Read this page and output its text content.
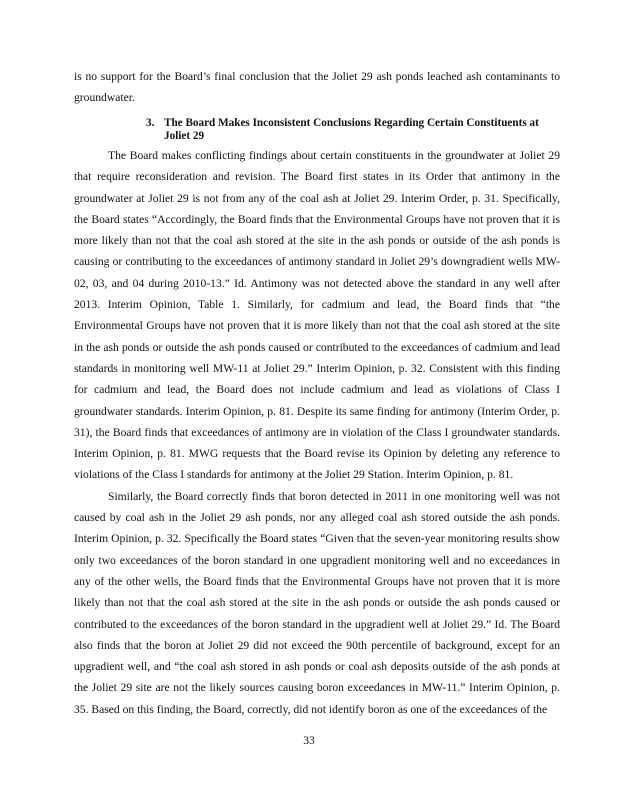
is no support for the Board’s final conclusion that the Joliet 29 ash ponds leached ash contaminants to groundwater.

3. The Board Makes Inconsistent Conclusions Regarding Certain Constituents at Joliet 29

The Board makes conflicting findings about certain constituents in the groundwater at Joliet 29 that require reconsideration and revision. The Board first states in its Order that antimony in the groundwater at Joliet 29 is not from any of the coal ash at Joliet 29. Interim Order, p. 31. Specifically, the Board states “Accordingly, the Board finds that the Environmental Groups have not proven that it is more likely than not that the coal ash stored at the site in the ash ponds or outside of the ash ponds is causing or contributing to the exceedances of antimony standard in Joliet 29’s downgradient wells MW-02, 03, and 04 during 2010-13.” Id. Antimony was not detected above the standard in any well after 2013. Interim Opinion, Table 1. Similarly, for cadmium and lead, the Board finds that “the Environmental Groups have not proven that it is more likely than not that the coal ash stored at the site in the ash ponds or outside the ash ponds caused or contributed to the exceedances of cadmium and lead standards in monitoring well MW-11 at Joliet 29.” Interim Opinion, p. 32. Consistent with this finding for cadmium and lead, the Board does not include cadmium and lead as violations of Class I groundwater standards. Interim Opinion, p. 81. Despite its same finding for antimony (Interim Order, p. 31), the Board finds that exceedances of antimony are in violation of the Class I groundwater standards. Interim Opinion, p. 81. MWG requests that the Board revise its Opinion by deleting any reference to violations of the Class I standards for antimony at the Joliet 29 Station. Interim Opinion, p. 81.

Similarly, the Board correctly finds that boron detected in 2011 in one monitoring well was not caused by coal ash in the Joliet 29 ash ponds, nor any alleged coal ash stored outside the ash ponds. Interim Opinion, p. 32. Specifically the Board states “Given that the seven-year monitoring results show only two exceedances of the boron standard in one upgradient monitoring well and no exceedances in any of the other wells, the Board finds that the Environmental Groups have not proven that it is more likely than not that the coal ash stored at the site in the ash ponds or outside the ash ponds caused or contributed to the exceedances of the boron standard in the upgradient well at Joliet 29.” Id. The Board also finds that the boron at Joliet 29 did not exceed the 90th percentile of background, except for an upgradient well, and “the coal ash stored in ash ponds or coal ash deposits outside of the ash ponds at the Joliet 29 site are not the likely sources causing boron exceedances in MW-11.” Interim Opinion, p. 35. Based on this finding, the Board, correctly, did not identify boron as one of the exceedances of the

33
